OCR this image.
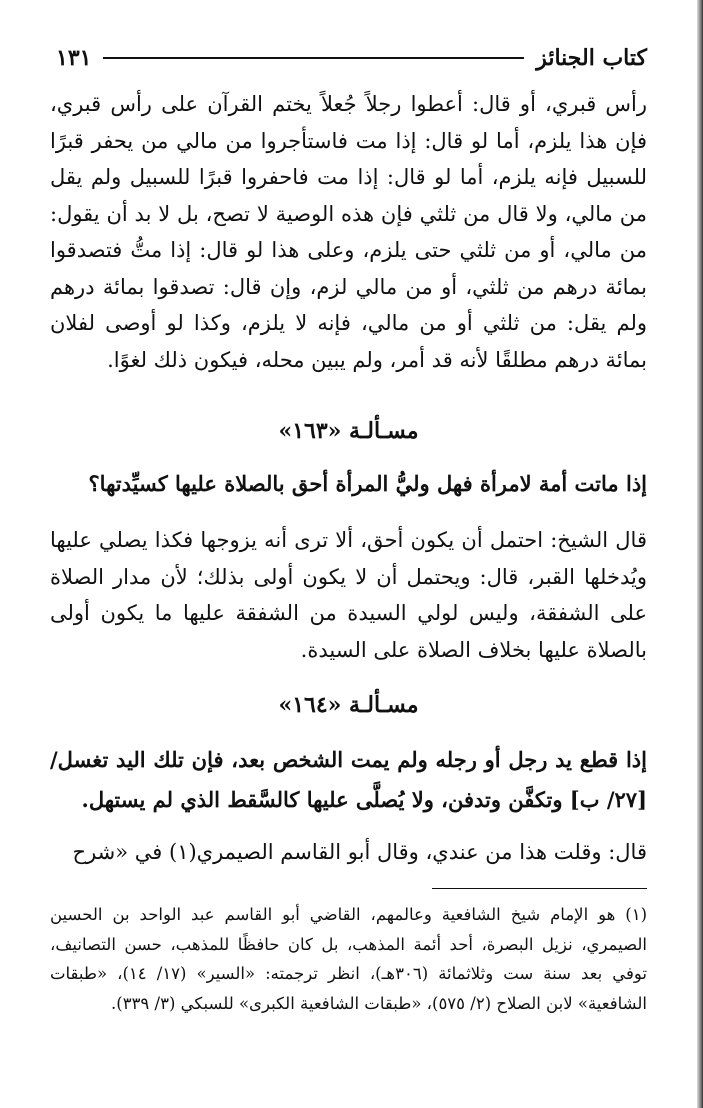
كتاب الجنائز
١٣١

رأس قبري، أو قال: أعطوا رجلاً جُعلاً يختم القرآن على رأس قبري، فإن هذا يلزم، أما لو قال: إذا مت فاستأجروا من مالي من يحفر قبرًا للسبيل فإنه يلزم، أما لو قال: إذا مت فاحفروا قبرًا للسبيل ولم يقل من مالي، ولا قال من ثلثي فإن هذه الوصية لا تصح، بل لا بد أن يقول: من مالي، أو من ثلثي حتى يلزم، وعلى هذا لو قال: إذا متُّ فتصدقوا بمائة درهم من ثلثي، أو من مالي لزم، وإن قال: تصدقوا بمائة درهم ولم يقل: من ثلثي أو من مالي، فإنه لا يلزم، وكذا لو أوصى لفلان بمائة درهم مطلقًا لأنه قد أمر، ولم يبين محله، فيكون ذلك لغوًا.

مسـألـة «١٦٣»

إذا ماتت أمة لامرأة فهل وليُّ المرأة أحق بالصلاة عليها كسيِّدتها؟

قال الشيخ: احتمل أن يكون أحق، ألا ترى أنه يزوجها فكذا يصلي عليها ويُدخلها القبر، قال: ويحتمل أن لا يكون أولى بذلك؛ لأن مدار الصلاة على الشفقة، وليس لولي السيدة من الشفقة عليها ما يكون أولى بالصلاة عليها بخلاف الصلاة على السيدة.

مسـألـة «١٦٤»

إذا قطع يد رجل أو رجله ولم يمت الشخص بعد، فإن تلك اليد تغسل/ [٢٧/ ب] وتكفَّن وتدفن، ولا يُصلَّى عليها كالسَّقط الذي لم يستهل.

قال: وقلت هذا من عندي، وقال أبو القاسم الصيمري(١) في «شرح

(١) هو الإمام شيخ الشافعية وعالمهم، القاضي أبو القاسم عبد الواحد بن الحسين الصيمري، نزيل البصرة، أحد أئمة المذهب، بل كان حافظًا للمذهب، حسن التصانيف، توفي بعد سنة ست وثلاثمائة (٣٠٦هـ)، انظر ترجمته: «السير» (١٧/ ١٤)، «طبقات الشافعية» لابن الصلاح (٢/ ٥٧٥)، «طبقات الشافعية الكبرى» للسبكي (٣/ ٣٣٩).
